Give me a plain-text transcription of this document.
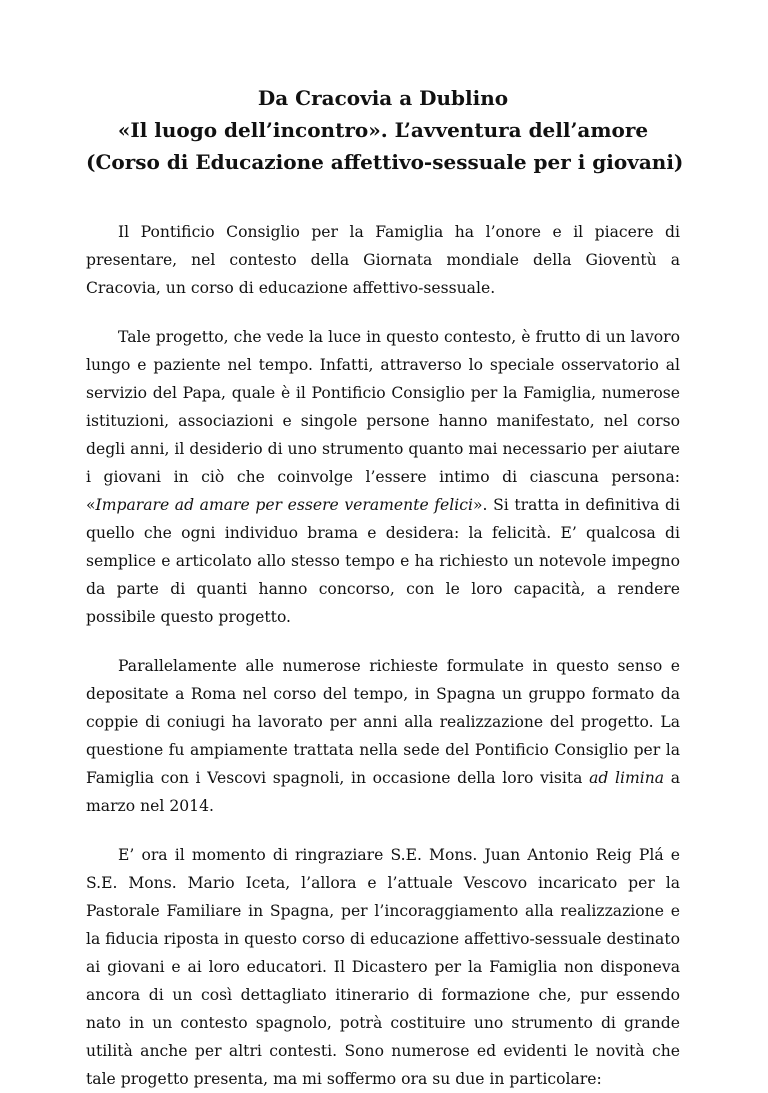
Da Cracovia a Dublino
«Il luogo dell’incontro». L’avventura dell’amore
(Corso di Educazione affettivo-sessuale per i giovani)

Il Pontificio Consiglio per la Famiglia ha l’onore e il piacere di presentare, nel contesto della Giornata mondiale della Gioventù a Cracovia, un corso di educazione affettivo-sessuale.

Tale progetto, che vede la luce in questo contesto, è frutto di un lavoro lungo e paziente nel tempo. Infatti, attraverso lo speciale osservatorio al servizio del Papa, quale è il Pontificio Consiglio per la Famiglia, numerose istituzioni, associazioni e singole persone hanno manifestato, nel corso degli anni, il desiderio di uno strumento quanto mai necessario per aiutare i giovani in ciò che coinvolge l’essere intimo di ciascuna persona: «Imparare ad amare per essere veramente felici». Si tratta in definitiva di quello che ogni individuo brama e desidera: la felicità. E’ qualcosa di semplice e articolato allo stesso tempo e ha richiesto un notevole impegno da parte di quanti hanno concorso, con le loro capacità, a rendere possibile questo progetto.

Parallelamente alle numerose richieste formulate in questo senso e depositate a Roma nel corso del tempo, in Spagna un gruppo formato da coppie di coniugi ha lavorato per anni alla realizzazione del progetto. La questione fu ampiamente trattata nella sede del Pontificio Consiglio per la Famiglia con i Vescovi spagnoli, in occasione della loro visita ad limina a marzo nel 2014.

E’ ora il momento di ringraziare S.E. Mons. Juan Antonio Reig Plá e S.E. Mons. Mario Iceta, l’allora e l’attuale Vescovo incaricato per la Pastorale Familiare in Spagna, per l’incoraggiamento alla realizzazione e la fiducia riposta in questo corso di educazione affettivo-sessuale destinato ai giovani e ai loro educatori. Il Dicastero per la Famiglia non disponeva ancora di un così dettagliato itinerario di formazione che, pur essendo nato in un contesto spagnolo, potrà costituire uno strumento di grande utilità anche per altri contesti. Sono numerose ed evidenti le novità che tale progetto presenta, ma mi soffermo ora su due in particolare:
